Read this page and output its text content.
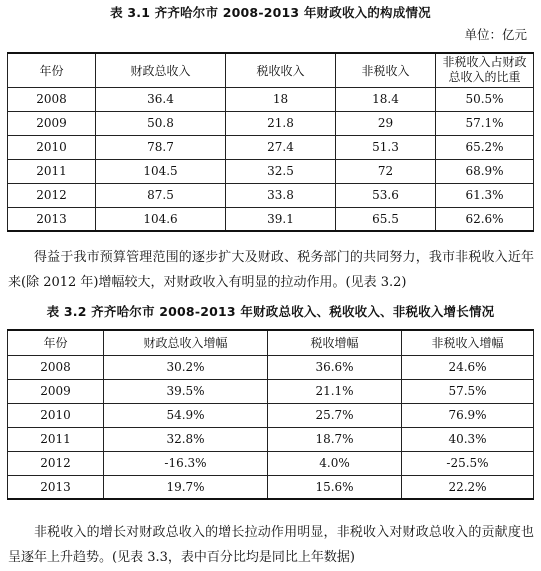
表 3.1 齐齐哈尔市 2008-2013 年财政收入的构成情况
单位：亿元
年份	财政总收入	税收收入	非税收入	非税收入占财政总收入的比重
2008	36.4	18	18.4	50.5%
2009	50.8	21.8	29	57.1%
2010	78.7	27.4	51.3	65.2%
2011	104.5	32.5	72	68.9%
2012	87.5	33.8	53.6	61.3%
2013	104.6	39.1	65.5	62.6%
得益于我市预算管理范围的逐步扩大及财政、税务部门的共同努力，我市非税收入近年来(除 2012 年)增幅较大，对财政收入有明显的拉动作用。(见表 3.2)
表 3.2 齐齐哈尔市 2008-2013 年财政总收入、税收收入、非税收入增长情况
年份	财政总收入增幅	税收增幅	非税收入增幅
2008	30.2%	36.6%	24.6%
2009	39.5%	21.1%	57.5%
2010	54.9%	25.7%	76.9%
2011	32.8%	18.7%	40.3%
2012	-16.3%	4.0%	-25.5%
2013	19.7%	15.6%	22.2%
非税收入的增长对财政总收入的增长拉动作用明显，非税收入对财政总收入的贡献度也呈逐年上升趋势。(见表 3.3，表中百分比均是同比上年数据)
